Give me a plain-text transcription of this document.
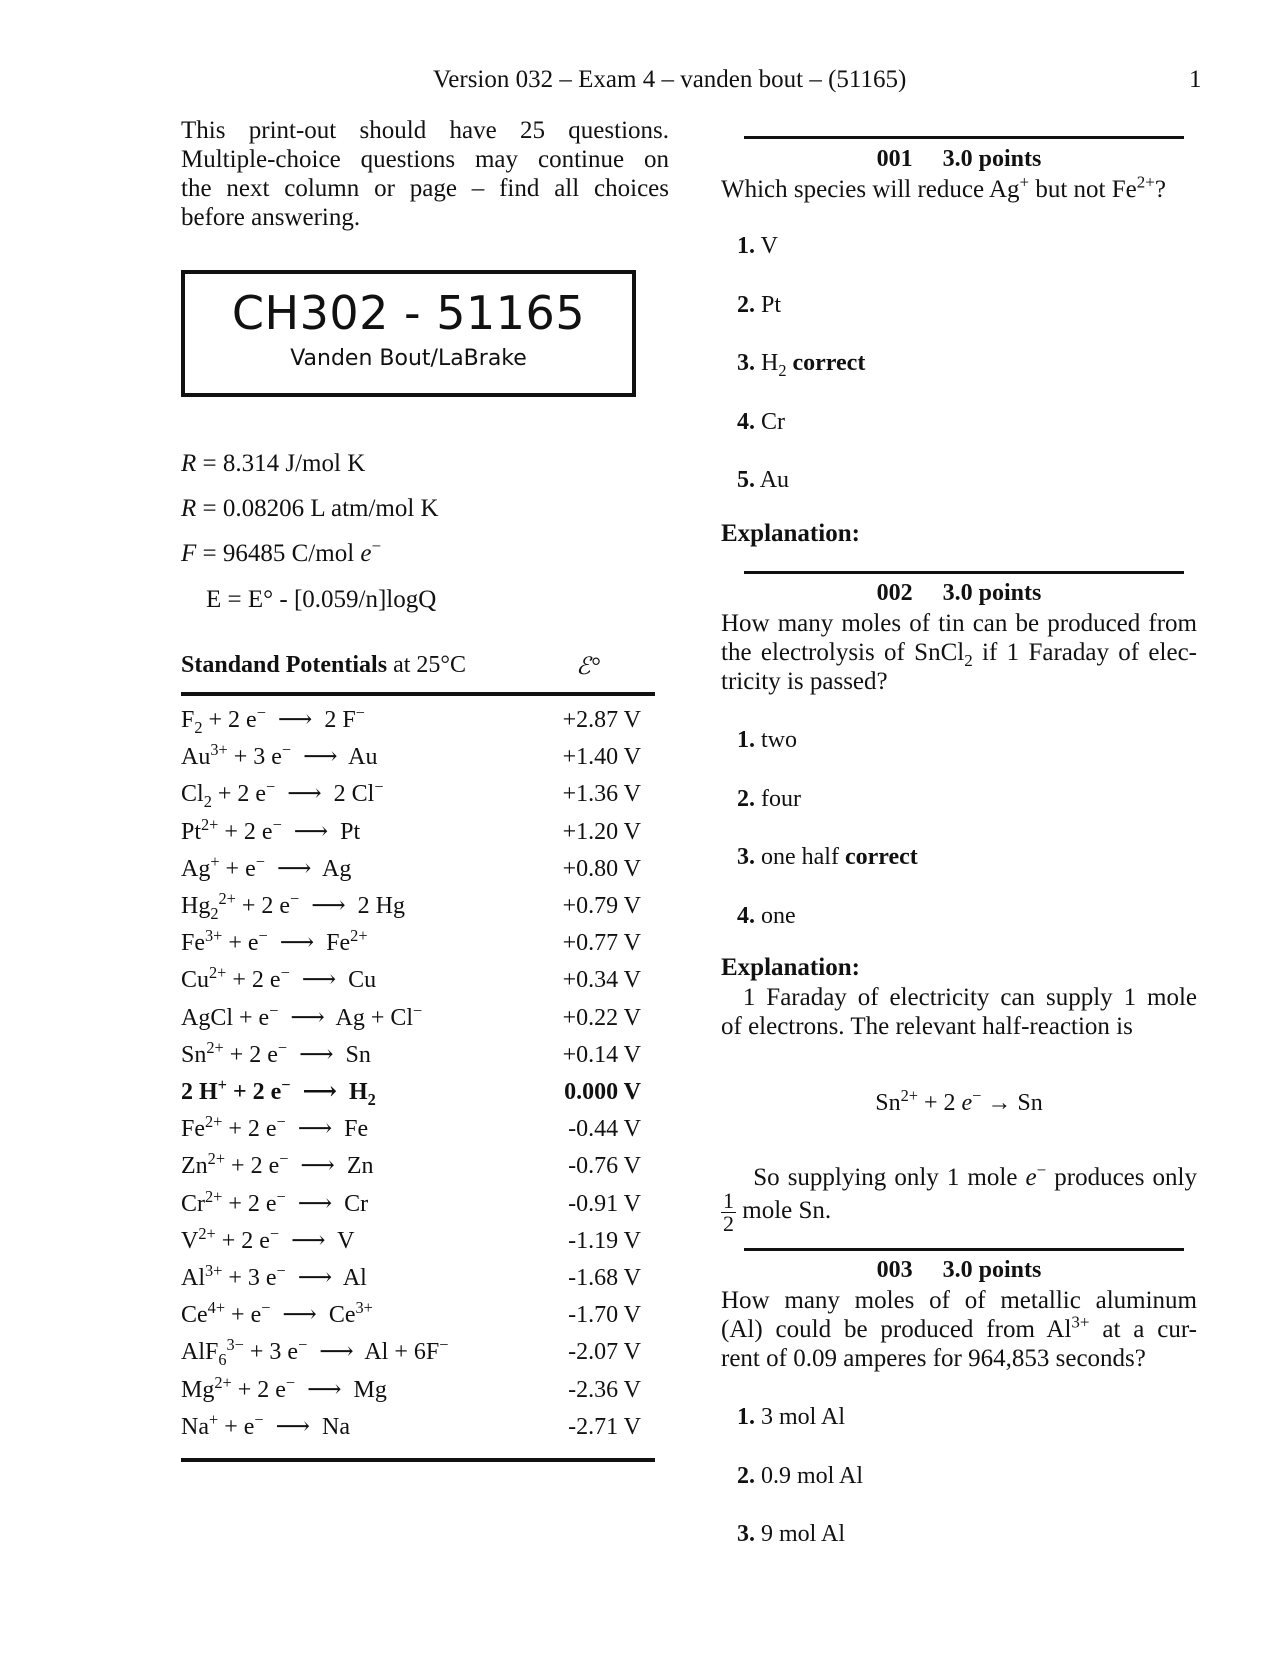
Version 032 – Exam 4 – vanden bout – (51165)	1
This print-out should have 25 questions.
Multiple-choice questions may continue on
the next column or page – find all choices
before answering.
CH302 - 51165
Vanden Bout/LaBrake
R = 8.314 J/mol K
R = 0.08206 L atm/mol K
F = 96485 C/mol e−
E = E° - [0.059/n]logQ
Standand Potentials at 25°C	ℰ°
$F_2 + 2$ e− ⟶ 2 F−	+2.87 V
$Au^{3+} + 3$ e− ⟶ Au	+1.40 V
$Cl_2 + 2$ e− ⟶ 2 Cl−	+1.36 V
$Pt^{2+} + 2$ e− ⟶ Pt	+1.20 V
Ag+ + e− ⟶ Ag	+0.80 V
$Hg_2^{2+} + 2$ e− ⟶ 2 Hg	+0.79 V
$Fe^{3+} + e^-$ ⟶ $Fe^{2+}$	+0.77 V
$Cu^{2+} + 2$ e− ⟶ Cu	+0.34 V
AgCl + e− ⟶ Ag + Cl−	+0.22 V
$Sn^{2+} + 2$ e− ⟶ Sn	+0.14 V
2 H+ + 2 e− ⟶ $H_2$	0.000 V
$Fe^{2+} + 2$ e− ⟶ Fe	-0.44 V
$Zn^{2+} + 2$ e− ⟶ Zn	-0.76 V
$Cr^{2+} + 2$ e− ⟶ Cr	-0.91 V
$V^{2+} + 2$ e− ⟶ V	-1.19 V
$Al^{3+} + 3$ e− ⟶ Al	-1.68 V
$Ce^{4+} + e^-$ ⟶ $Ce^{3+}$	-1.70 V
AlF$_6^{3-}$ + 3 e− ⟶ Al + 6F−	-2.07 V
$Mg^{2+} + 2$ e− ⟶ Mg	-2.36 V
Na+ + e− ⟶ Na	-2.71 V
001 3.0 points
Which species will reduce Ag+ but not $Fe^{2+}$?
1. V
2. Pt
3. $H_2$ correct
4. Cr
5. Au
Explanation:
002 3.0 points
How many moles of tin can be produced from
the electrolysis of SnCl$_2$ if 1 Faraday of elec-
tricity is passed?
1. two
2. four
3. one half correct
4. one
Explanation:
1 Faraday of electricity can supply 1 mole
of electrons. The relevant half-reaction is
$Sn^{2+} + 2$ e− → Sn
So supplying only 1 mole e− produces only
$\frac{1}{2}$ mole Sn.
003 3.0 points
How many moles of of metallic aluminum
(Al) could be produced from $Al^{3+}$ at a cur-
rent of 0.09 amperes for 964,853 seconds?
1. 3 mol Al
2. 0.9 mol Al
3. 9 mol Al
